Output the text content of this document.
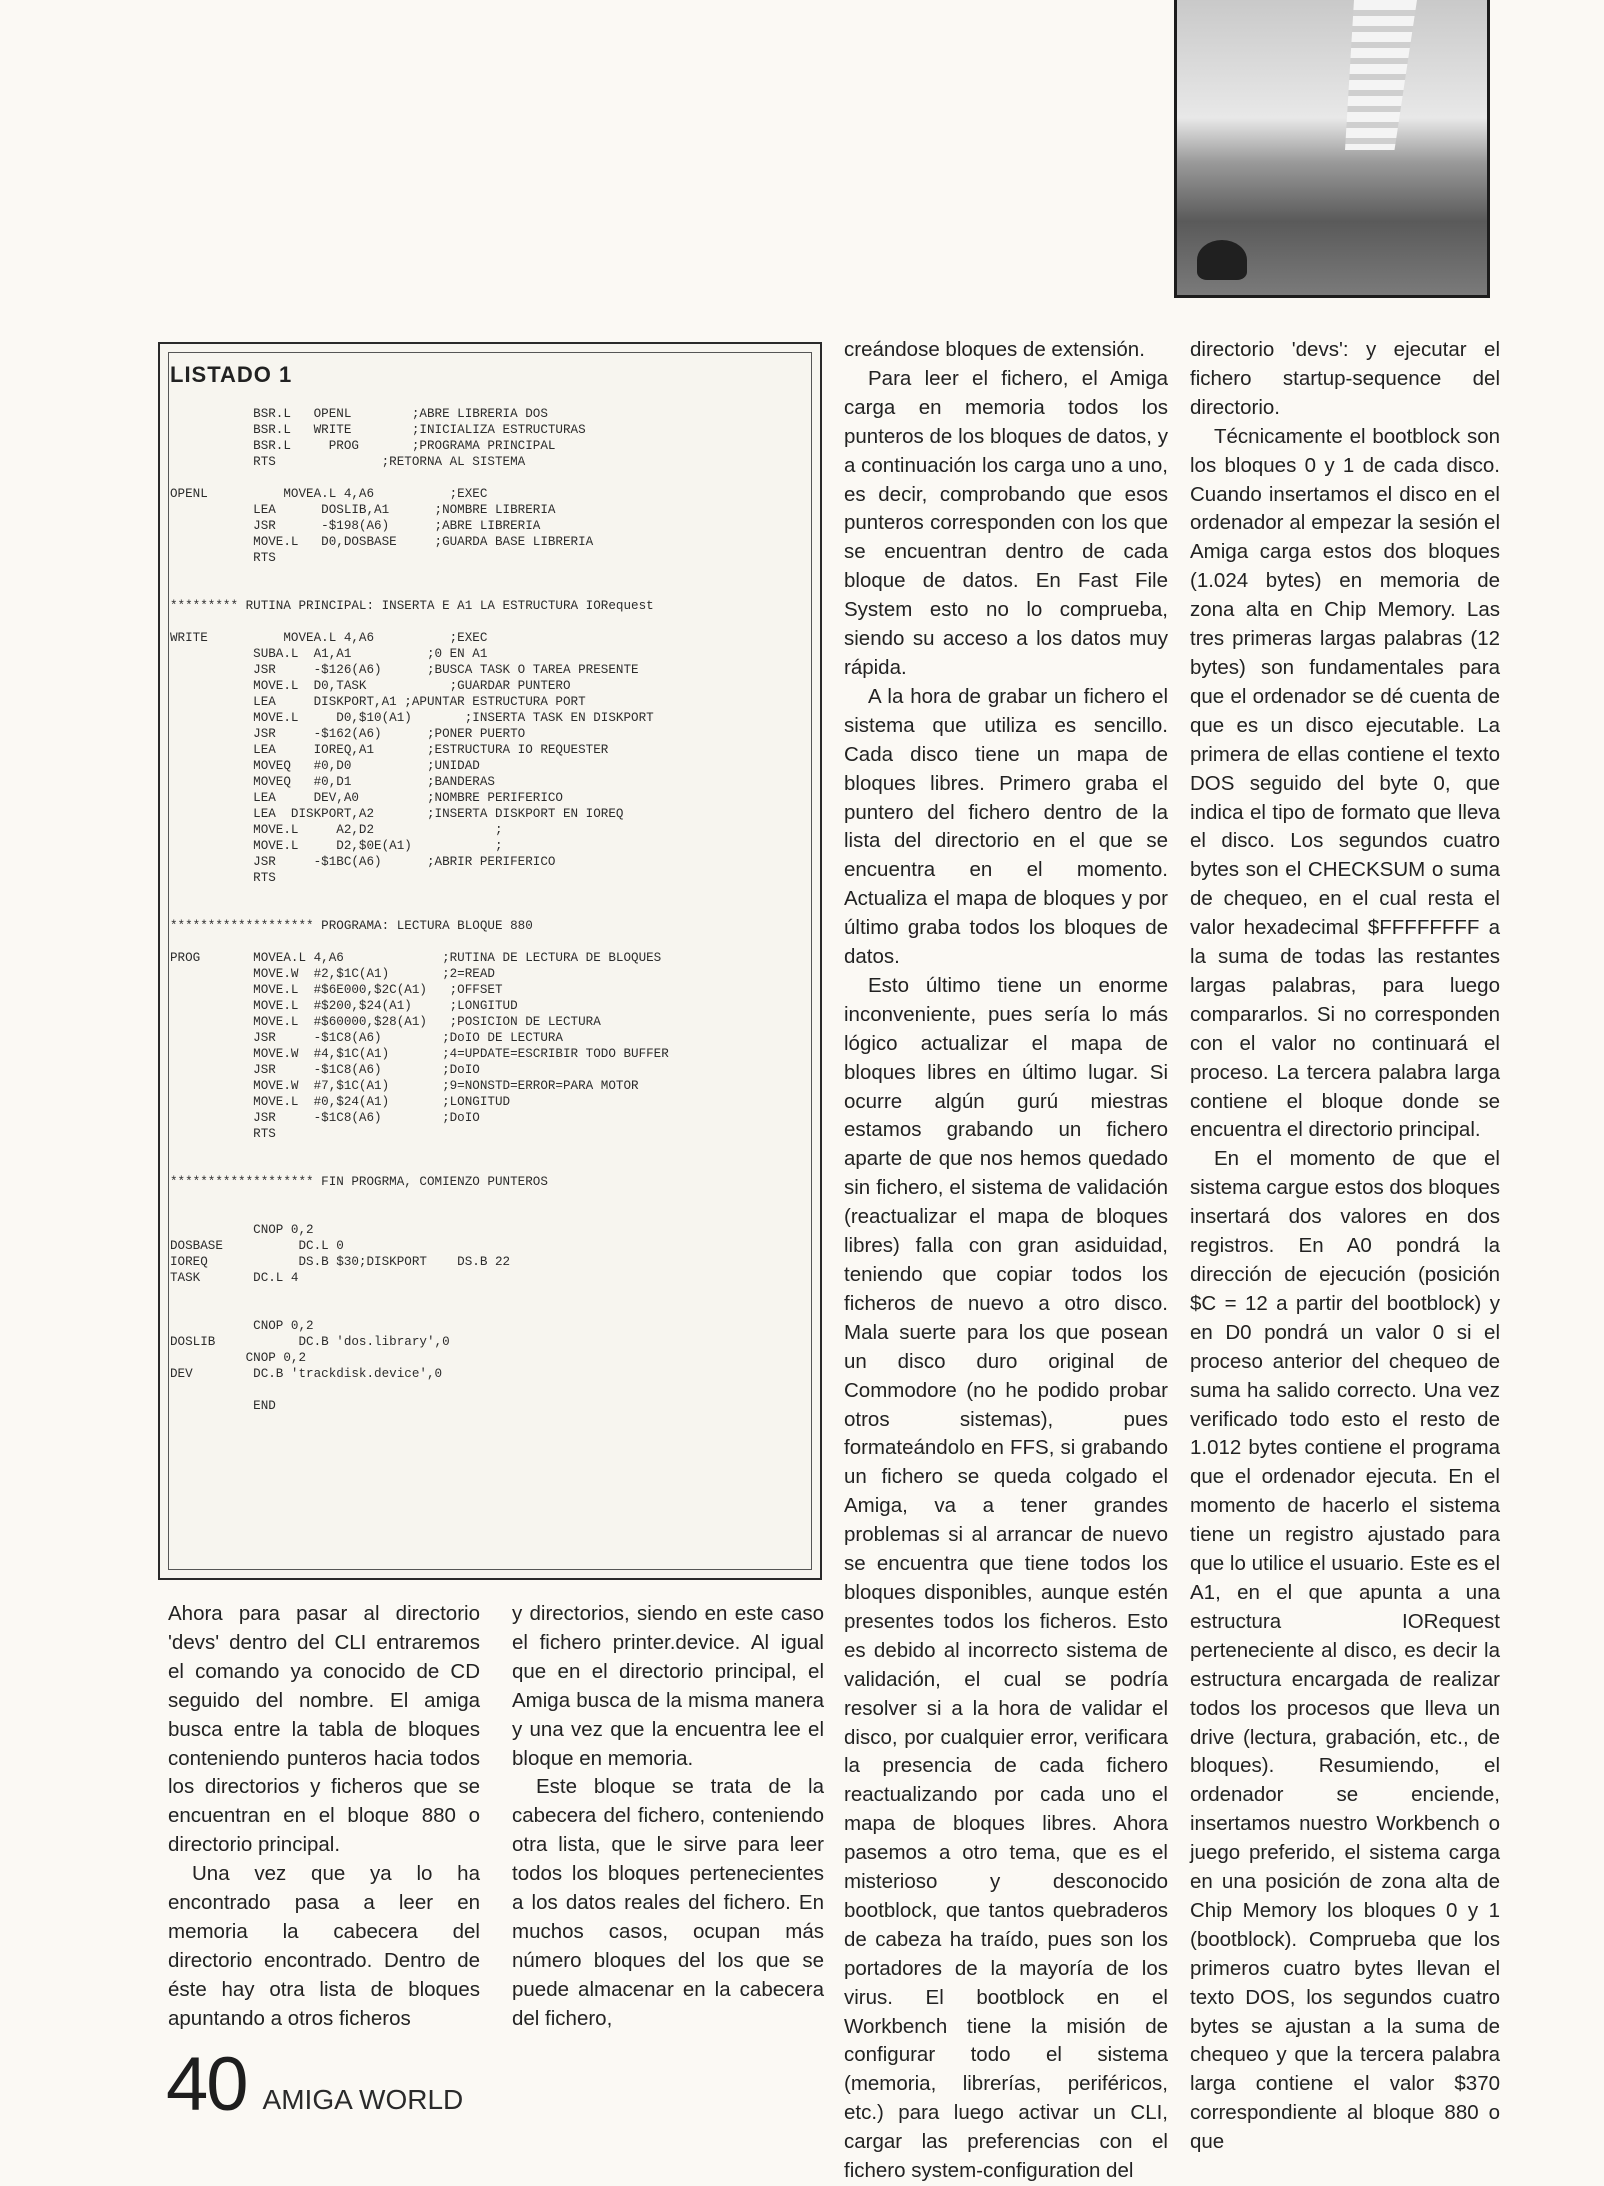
LISTADO 1
BSR.L   OPENL        ;ABRE LIBRERIA DOS
BSR.L   WRITE        ;INICIALIZA ESTRUCTURAS
BSR.L     PROG       ;PROGRAMA PRINCIPAL
RTS              ;RETORNA AL SISTEMA
OPENL          MOVEA.L 4,A6          ;EXEC
LEA      DOSLIB,A1      ;NOMBRE LIBRERIA
JSR      -$198(A6)      ;ABRE LIBRERIA
MOVE.L   D0,DOSBASE     ;GUARDA BASE LIBRERIA
RTS
********* RUTINA PRINCIPAL: INSERTA E A1 LA ESTRUCTURA IORequest
WRITE          MOVEA.L 4,A6          ;EXEC
SUBA.L  A1,A1          ;0 EN A1
JSR     -$126(A6)      ;BUSCA TASK O TAREA PRESENTE
MOVE.L  D0,TASK           ;GUARDAR PUNTERO
LEA     DISKPORT,A1 ;APUNTAR ESTRUCTURA PORT
MOVE.L     D0,$10(A1)       ;INSERTA TASK EN DISKPORT
JSR     -$162(A6)      ;PONER PUERTO
LEA     IOREQ,A1       ;ESTRUCTURA IO REQUESTER
MOVEQ   #0,D0          ;UNIDAD
MOVEQ   #0,D1          ;BANDERAS
LEA     DEV,A0         ;NOMBRE PERIFERICO
LEA  DISKPORT,A2       ;INSERTA DISKPORT EN IOREQ
MOVE.L     A2,D2                ;
MOVE.L     D2,$0E(A1)           ;
JSR     -$1BC(A6)      ;ABRIR PERIFERICO
RTS
******************* PROGRAMA: LECTURA BLOQUE 880
PROG       MOVEA.L 4,A6             ;RUTINA DE LECTURA DE BLOQUES
MOVE.W  #2,$1C(A1)       ;2=READ
MOVE.L  #$6E000,$2C(A1)   ;OFFSET
MOVE.L  #$200,$24(A1)     ;LONGITUD
MOVE.L  #$60000,$28(A1)   ;POSICION DE LECTURA
JSR     -$1C8(A6)        ;DoIO DE LECTURA
MOVE.W  #4,$1C(A1)       ;4=UPDATE=ESCRIBIR TODO BUFFER
JSR     -$1C8(A6)        ;DoIO
MOVE.W  #7,$1C(A1)       ;9=NONSTD=ERROR=PARA MOTOR
MOVE.L  #0,$24(A1)       ;LONGITUD
JSR     -$1C8(A6)        ;DoIO
RTS
******************* FIN PROGRMA, COMIENZO PUNTEROS
CNOP 0,2
DOSBASE          DC.L 0
IOREQ            DS.B $30;DISKPORT    DS.B 22
TASK       DC.L 4
CNOP 0,2
DOSLIB           DC.B 'dos.library',0
CNOP 0,2
DEV        DC.B 'trackdisk.device',0
END

Ahora para pasar al directorio 'devs' dentro del CLI entraremos el comando ya conocido de CD seguido del nombre. El amiga busca entre la tabla de bloques conteniendo punteros hacia todos los directorios y ficheros que se encuentran en el bloque 880 o directorio principal.

Una vez que ya lo ha encontrado pasa a leer en memoria la cabecera del directorio encontrado. Dentro de éste hay otra lista de bloques apuntando a otros ficheros

y directorios, siendo en este caso el fichero printer.device. Al igual que en el directorio principal, el Amiga busca de la misma manera y una vez que la encuentra lee el bloque en memoria.

Este bloque se trata de la cabecera del fichero, conteniendo otra lista, que le sirve para leer todos los bloques pertenecientes a los datos reales del fichero. En muchos casos, ocupan más número bloques del los que se puede almacenar en la cabecera del fichero,

creándose bloques de extensión.

Para leer el fichero, el Amiga carga en memoria todos los punteros de los bloques de datos, y a continuación los carga uno a uno, es decir, comprobando que esos punteros corresponden con los que se encuentran dentro de cada bloque de datos. En Fast File System esto no lo comprueba, siendo su acceso a los datos muy rápida.

A la hora de grabar un fichero el sistema que utiliza es sencillo. Cada disco tiene un mapa de bloques libres. Primero graba el puntero del fichero dentro de la lista del directorio en el que se encuentra en el momento. Actualiza el mapa de bloques y por último graba todos los bloques de datos.

Esto último tiene un enorme inconveniente, pues sería lo más lógico actualizar el mapa de bloques libres en último lugar. Si ocurre algún gurú miestras estamos grabando un fichero aparte de que nos hemos quedado sin fichero, el sistema de validación (reactualizar el mapa de bloques libres) falla con gran asiduidad, teniendo que copiar todos los ficheros de nuevo a otro disco. Mala suerte para los que posean un disco duro original de Commodore (no he podido probar otros sistemas), pues formateándolo en FFS, si grabando un fichero se queda colgado el Amiga, va a tener grandes problemas si al arrancar de nuevo se encuentra que tiene todos los bloques disponibles, aunque estén presentes todos los ficheros. Esto es debido al incorrecto sistema de validación, el cual se podría resolver si a la hora de validar el disco, por cualquier error, verificara la presencia de cada fichero reactualizando por cada uno el mapa de bloques libres. Ahora pasemos a otro tema, que es el misterioso y desconocido bootblock, que tantos quebraderos de cabeza ha traído, pues son los portadores de la mayoría de los virus. El bootblock en el Workbench tiene la misión de configurar todo el sistema (memoria, librerías, periféricos, etc.) para luego activar un CLI, cargar las preferencias con el fichero system-configuration del

directorio 'devs': y ejecutar el fichero startup-sequence del directorio.

Técnicamente el bootblock son los bloques 0 y 1 de cada disco. Cuando insertamos el disco en el ordenador al empezar la sesión el Amiga carga estos dos bloques (1.024 bytes) en memoria de zona alta en Chip Memory. Las tres primeras largas palabras (12 bytes) son fundamentales para que el ordenador se dé cuenta de que es un disco ejecutable. La primera de ellas contiene el texto DOS seguido del byte 0, que indica el tipo de formato que lleva el disco. Los segundos cuatro bytes son el CHECKSUM o suma de chequeo, en el cual resta el valor hexadecimal $FFFFFFFF a la suma de todas las restantes largas palabras, para luego compararlos. Si no corresponden con el valor no continuará el proceso. La tercera palabra larga contiene el bloque donde se encuentra el directorio principal.

En el momento de que el sistema cargue estos dos bloques insertará dos valores en dos registros. En A0 pondrá la dirección de ejecución (posición $C = 12 a partir del bootblock) y en D0 pondrá un valor 0 si el proceso anterior del chequeo de suma ha salido correcto. Una vez verificado todo esto el resto de 1.012 bytes contiene el programa que el ordenador ejecuta. En el momento de hacerlo el sistema tiene un registro ajustado para que lo utilice el usuario. Este es el A1, en el que apunta a una estructura IORequest perteneciente al disco, es decir la estructura encargada de realizar todos los procesos que lleva un drive (lectura, grabación, etc., de bloques). Resumiendo, el ordenador se enciende, insertamos nuestro Workbench o juego preferido, el sistema carga en una posición de zona alta de Chip Memory los bloques 0 y 1 (bootblock). Comprueba que los primeros cuatro bytes llevan el texto DOS, los segundos cuatro bytes se ajustan a la suma de chequeo y que la tercera palabra larga contiene el valor $370 correspondiente al bloque 880 o que

40 AMIGA WORLD
